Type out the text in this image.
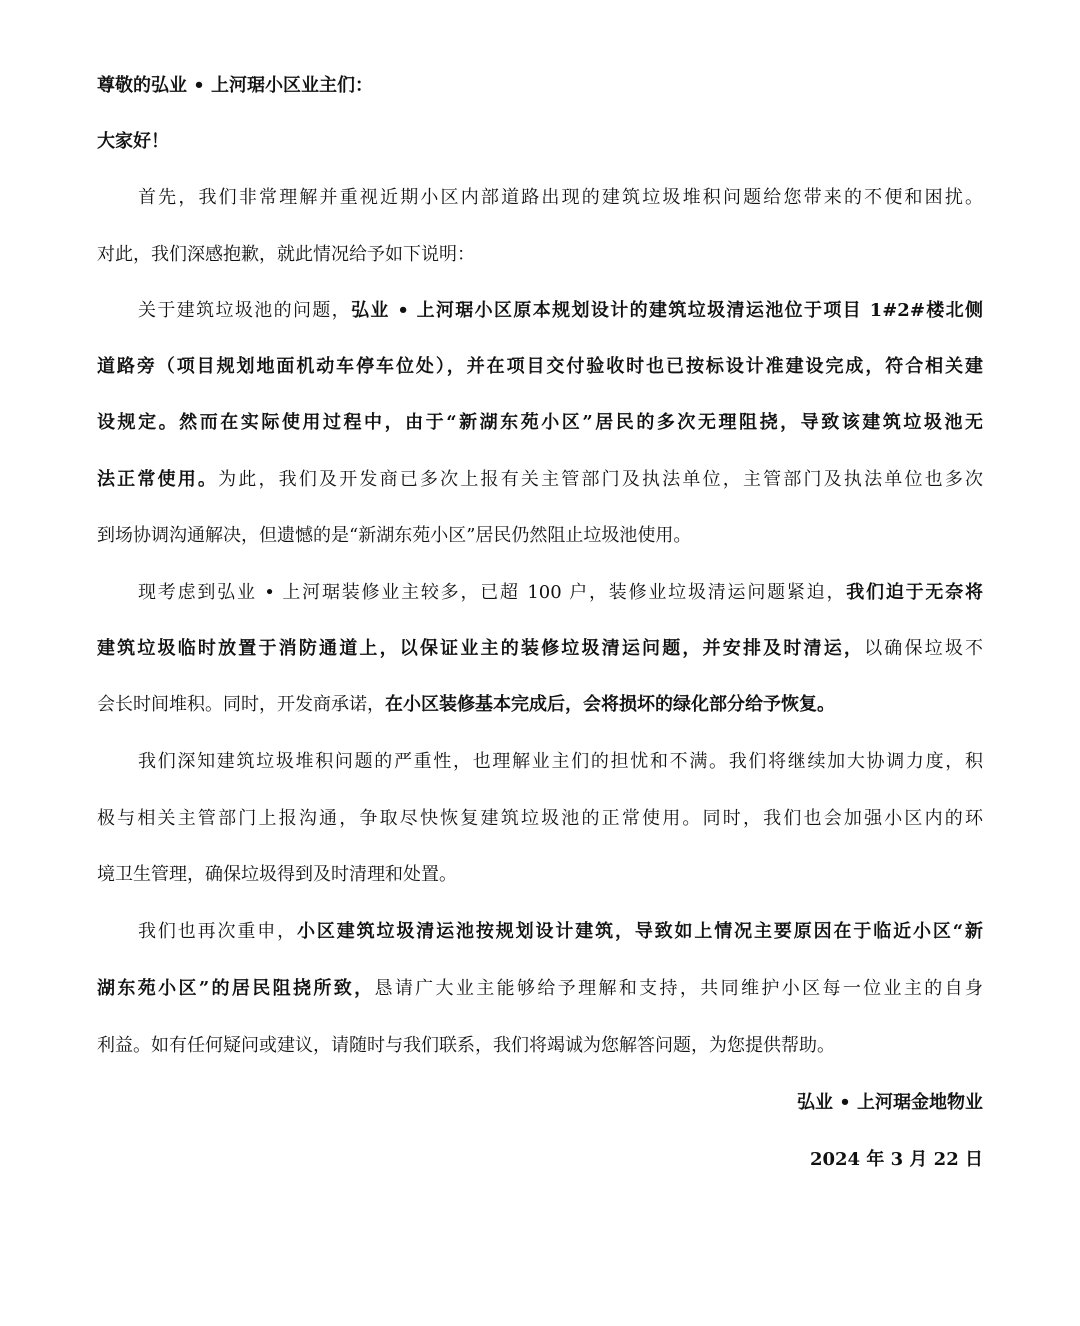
尊敬的弘业 • 上河琚小区业主们：
大家好！
首先，我们非常理解并重视近期小区内部道路出现的建筑垃圾堆积问题给您带来的不便和困扰。
对此，我们深感抱歉，就此情况给予如下说明：
关于建筑垃圾池的问题，弘业 • 上河琚小区原本规划设计的建筑垃圾清运池位于项目 1#2#楼北侧
道路旁（项目规划地面机动车停车位处），并在项目交付验收时也已按标设计准建设完成，符合相关建
设规定。然而在实际使用过程中，由于“新湖东苑小区”居民的多次无理阻挠，导致该建筑垃圾池无
法正常使用。为此，我们及开发商已多次上报有关主管部门及执法单位，主管部门及执法单位也多次
到场协调沟通解决，但遗憾的是“新湖东苑小区”居民仍然阻止垃圾池使用。
现考虑到弘业 • 上河琚装修业主较多，已超 100 户，装修业垃圾清运问题紧迫，我们迫于无奈将
建筑垃圾临时放置于消防通道上，以保证业主的装修垃圾清运问题，并安排及时清运，以确保垃圾不
会长时间堆积。同时，开发商承诺，在小区装修基本完成后，会将损坏的绿化部分给予恢复。
我们深知建筑垃圾堆积问题的严重性，也理解业主们的担忧和不满。我们将继续加大协调力度，积
极与相关主管部门上报沟通，争取尽快恢复建筑垃圾池的正常使用。同时，我们也会加强小区内的环
境卫生管理，确保垃圾得到及时清理和处置。
我们也再次重申，小区建筑垃圾清运池按规划设计建筑，导致如上情况主要原因在于临近小区“新
湖东苑小区”的居民阻挠所致，恳请广大业主能够给予理解和支持，共同维护小区每一位业主的自身
利益。如有任何疑问或建议，请随时与我们联系，我们将竭诚为您解答问题，为您提供帮助。
弘业 • 上河琚金地物业
2024 年 3 月 22 日
